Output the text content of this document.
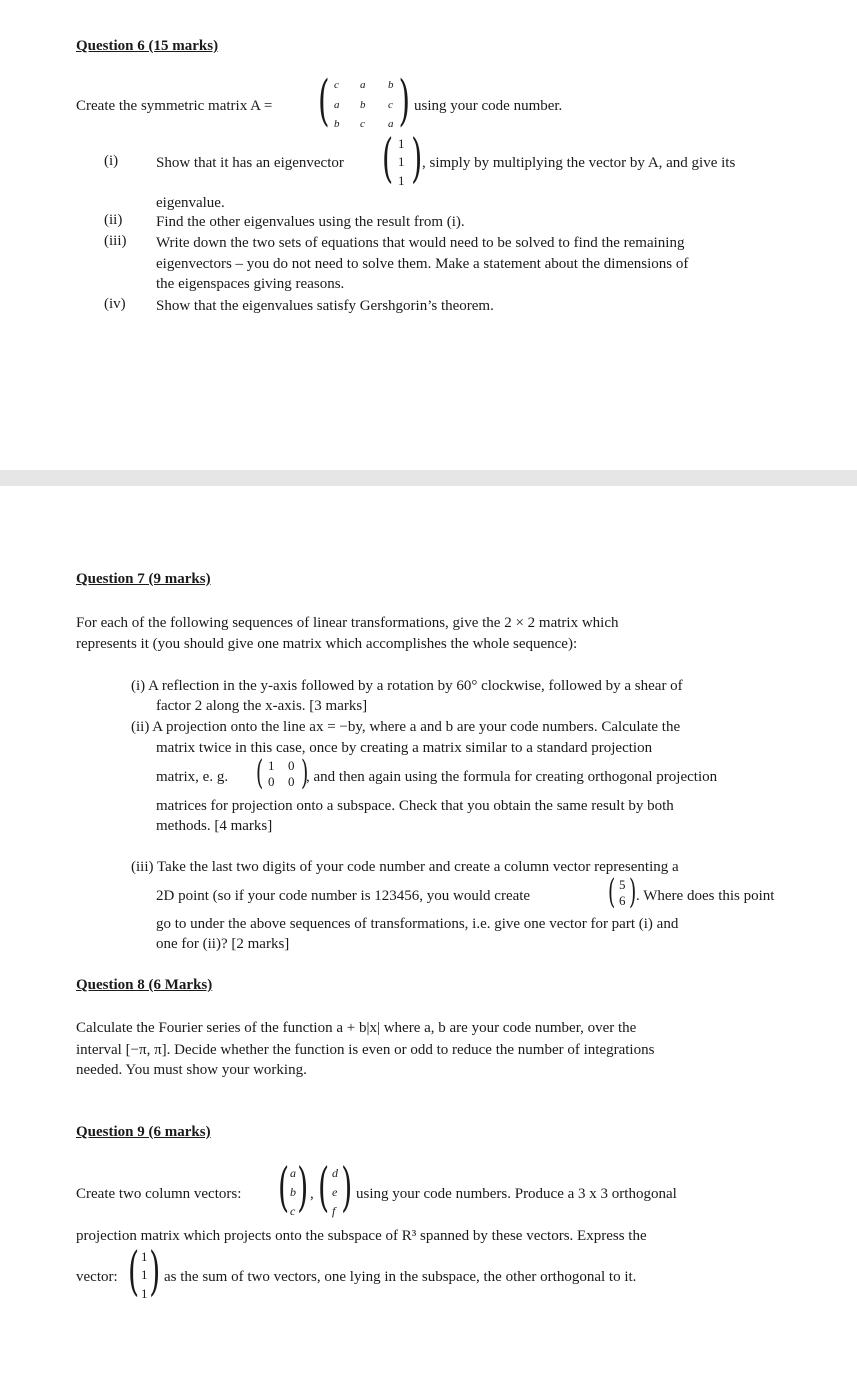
Question 6 (15 marks)
Create the symmetric matrix A = ( )
c a b
a b c
b c a
using your code number.
(i)	Show that it has an eigenvector ( )
1
1
1
, simply by multiplying the vector by A, and give its
eigenvalue.
(ii)	Find the other eigenvalues using the result from (i).
(iii)	Write down the two sets of equations that would need to be solved to find the remaining
eigenvectors – you do not need to solve them. Make a statement about the dimensions of
the eigenspaces giving reasons.
(iv)	Show that the eigenvalues satisfy Gershgorin’s theorem.
Question 7 (9 marks)
For each of the following sequences of linear transformations, give the 2 × 2 matrix which
represents it (you should give one matrix which accomplishes the whole sequence):
(i) A reflection in the y-axis followed by a rotation by 60° clockwise, followed by a shear of
factor 2 along the x-axis. [3 marks]
(ii) A projection onto the line ax = −by, where a and b are your code numbers. Calculate the
matrix twice in this case, once by creating a matrix similar to a standard projection
matrix, e. g. ( )
1 0
0 0 , and then again using the formula for creating orthogonal projection
matrices for projection onto a subspace. Check that you obtain the same result by both
methods. [4 marks]
(iii) Take the last two digits of your code number and create a column vector representing a
2D point (so if your code number is 123456, you would create ( )
5
6 . Where does this point
go to under the above sequences of transformations, i.e. give one vector for part (i) and
one for (ii)? [2 marks]
Question 8 (6 Marks)
Calculate the Fourier series of the function a + b|x| where a, b are your code number, over the
interval [−π, π]. Decide whether the function is even or odd to reduce the number of integrations
needed. You must show your working.
Question 9 (6 marks)
Create two column vectors: ( )
a
b
c
, ( )
d
e
f
using your code numbers. Produce a 3 x 3 orthogonal
projection matrix which projects onto the subspace of R³ spanned by these vectors. Express the
vector: ( )
1
1
1
as the sum of two vectors, one lying in the subspace, the other orthogonal to it.
